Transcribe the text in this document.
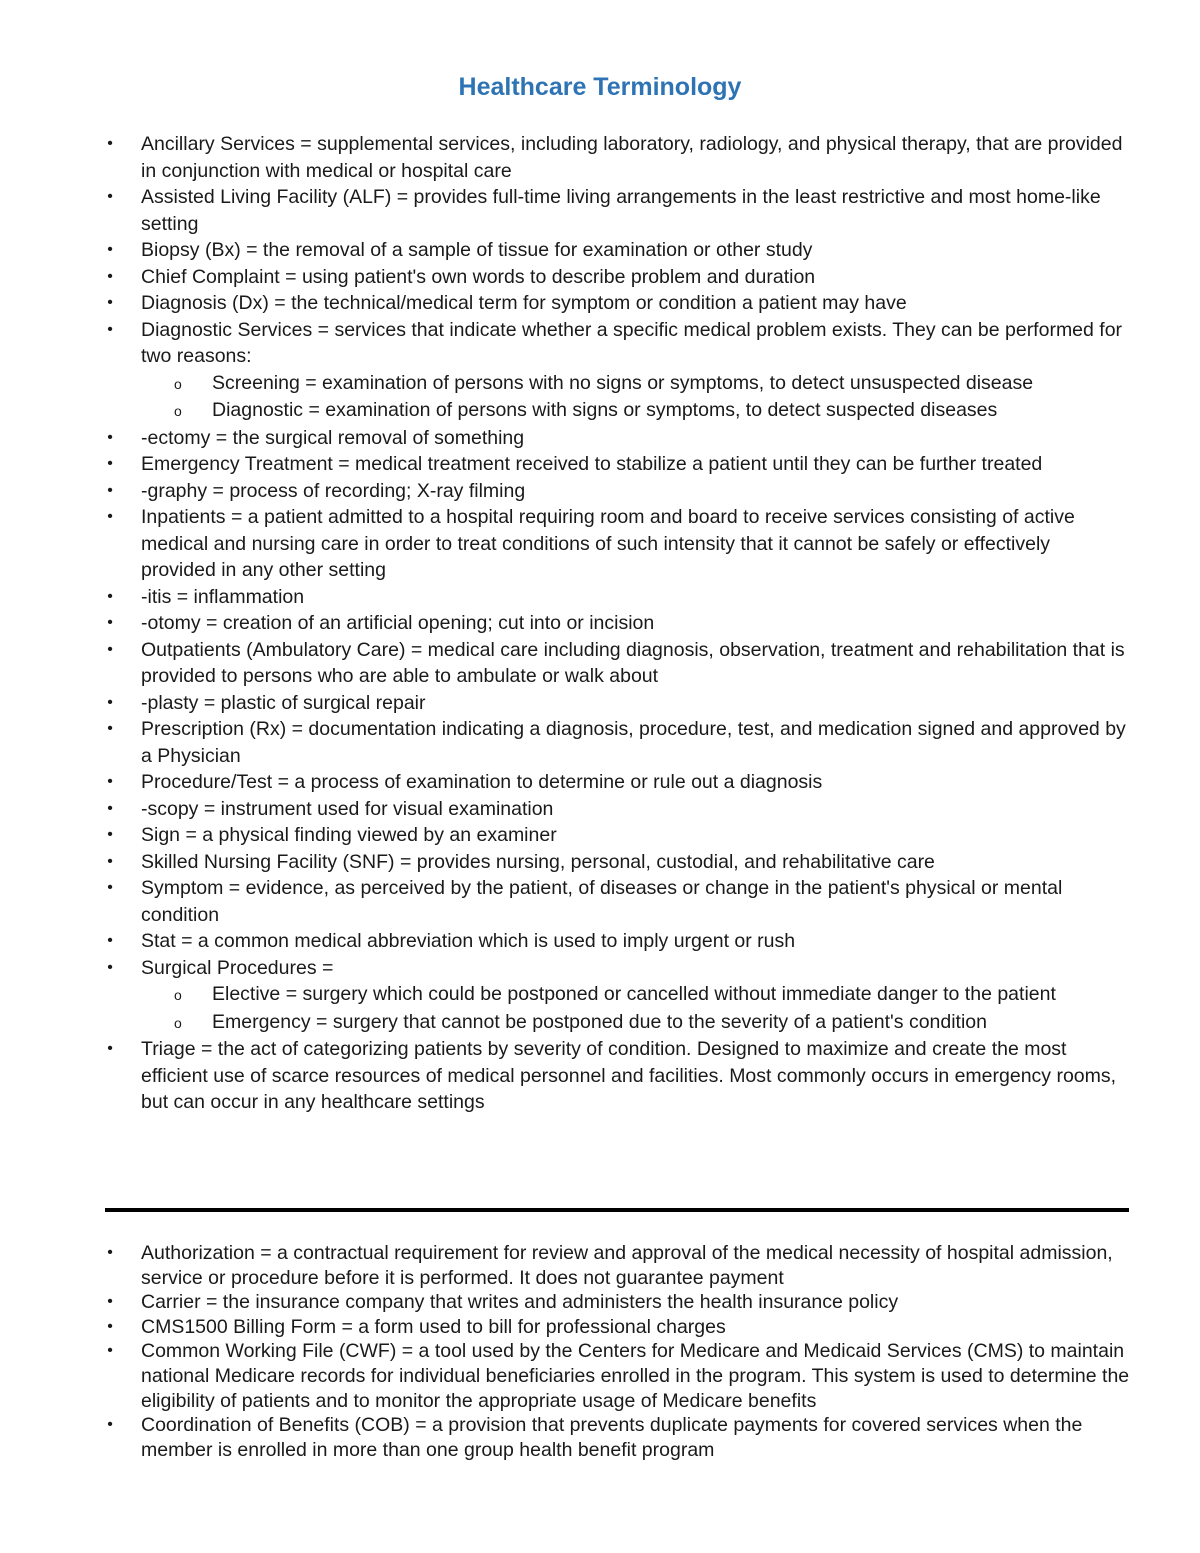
Healthcare Terminology
• Ancillary Services = supplemental services, including laboratory, radiology, and physical therapy, that are provided in conjunction with medical or hospital care
• Assisted Living Facility (ALF) = provides full-time living arrangements in the least restrictive and most home-like setting
• Biopsy (Bx) = the removal of a sample of tissue for examination or other study
• Chief Complaint = using patient's own words to describe problem and duration
• Diagnosis (Dx) = the technical/medical term for symptom or condition a patient may have
• Diagnostic Services = services that indicate whether a specific medical problem exists. They can be performed for two reasons:
o Screening = examination of persons with no signs or symptoms, to detect unsuspected disease
o Diagnostic = examination of persons with signs or symptoms, to detect suspected diseases
• -ectomy = the surgical removal of something
• Emergency Treatment = medical treatment received to stabilize a patient until they can be further treated
• -graphy = process of recording; X-ray filming
• Inpatients = a patient admitted to a hospital requiring room and board to receive services consisting of active medical and nursing care in order to treat conditions of such intensity that it cannot be safely or effectively provided in any other setting
• -itis = inflammation
• -otomy = creation of an artificial opening; cut into or incision
• Outpatients (Ambulatory Care) = medical care including diagnosis, observation, treatment and rehabilitation that is provided to persons who are able to ambulate or walk about
• -plasty = plastic of surgical repair
• Prescription (Rx) = documentation indicating a diagnosis, procedure, test, and medication signed and approved by a Physician
• Procedure/Test = a process of examination to determine or rule out a diagnosis
• -scopy = instrument used for visual examination
• Sign = a physical finding viewed by an examiner
• Skilled Nursing Facility (SNF) = provides nursing, personal, custodial, and rehabilitative care
• Symptom = evidence, as perceived by the patient, of diseases or change in the patient's physical or mental condition
• Stat = a common medical abbreviation which is used to imply urgent or rush
• Surgical Procedures =
o Elective = surgery which could be postponed or cancelled without immediate danger to the patient
o Emergency = surgery that cannot be postponed due to the severity of a patient's condition
• Triage = the act of categorizing patients by severity of condition. Designed to maximize and create the most efficient use of scarce resources of medical personnel and facilities. Most commonly occurs in emergency rooms, but can occur in any healthcare settings
• Authorization = a contractual requirement for review and approval of the medical necessity of hospital admission, service or procedure before it is performed. It does not guarantee payment
• Carrier = the insurance company that writes and administers the health insurance policy
• CMS1500 Billing Form = a form used to bill for professional charges
• Common Working File (CWF) = a tool used by the Centers for Medicare and Medicaid Services (CMS) to maintain national Medicare records for individual beneficiaries enrolled in the program. This system is used to determine the eligibility of patients and to monitor the appropriate usage of Medicare benefits
• Coordination of Benefits (COB) = a provision that prevents duplicate payments for covered services when the member is enrolled in more than one group health benefit program
